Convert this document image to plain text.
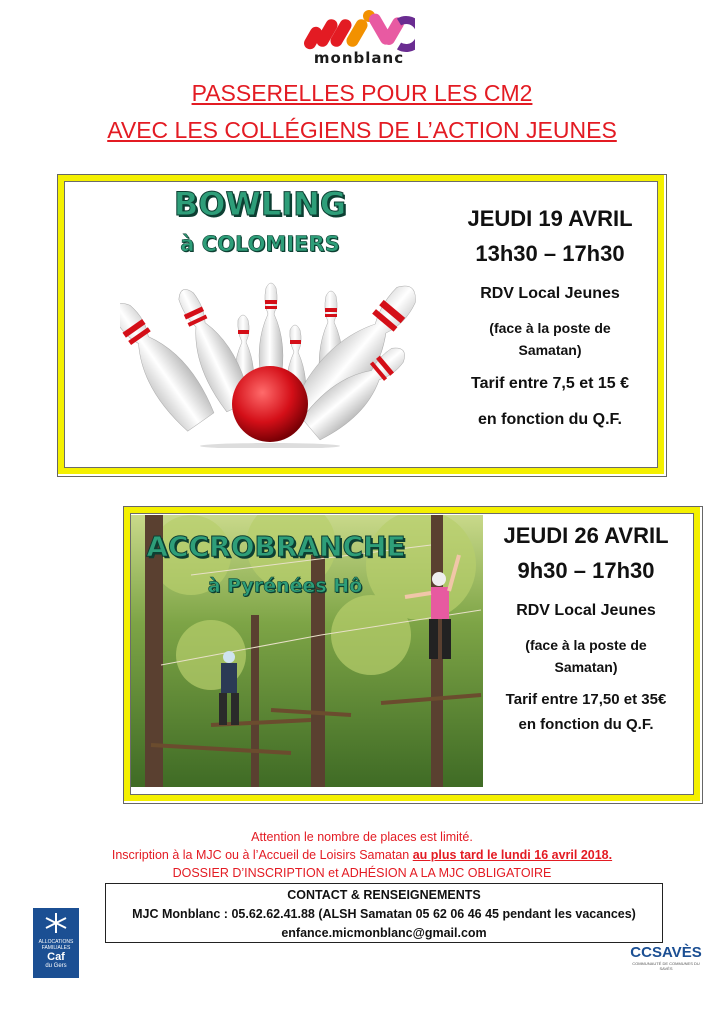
monblanc
PASSERELLES POUR LES CM2
AVEC LES COLLÉGIENS DE L’ACTION JEUNES
BOWLING
à COLOMIERS
JEUDI 19 AVRIL
13h30 – 17h30
RDV Local Jeunes
(face à la poste de
Samatan)
Tarif entre 7,5 et 15 €
en fonction du Q.F.
ACCROBRANCHE
à Pyrénées Hô
JEUDI 26 AVRIL
9h30 – 17h30
RDV Local Jeunes
(face à la poste de
Samatan)
Tarif entre 17,50 et 35€
en fonction du Q.F.
Attention le nombre de places est limité.
Inscription à la MJC ou à l’Accueil de Loisirs Samatan au plus tard le lundi 16 avril 2018.
DOSSIER D’INSCRIPTION et ADHÉSION A LA MJC OBLIGATOIRE
CONTACT & RENSEIGNEMENTS
MJC Monblanc : 05.62.62.41.88 (ALSH Samatan 05 62 06 46 45 pendant les vacances)
enfance.micmonblanc@gmail.com
ALLOCATIONS
FAMILIALES
Caf
du Gers
CCSAVÈS
COMMUNAUTÉ DE COMMUNES DU SAVÈS
